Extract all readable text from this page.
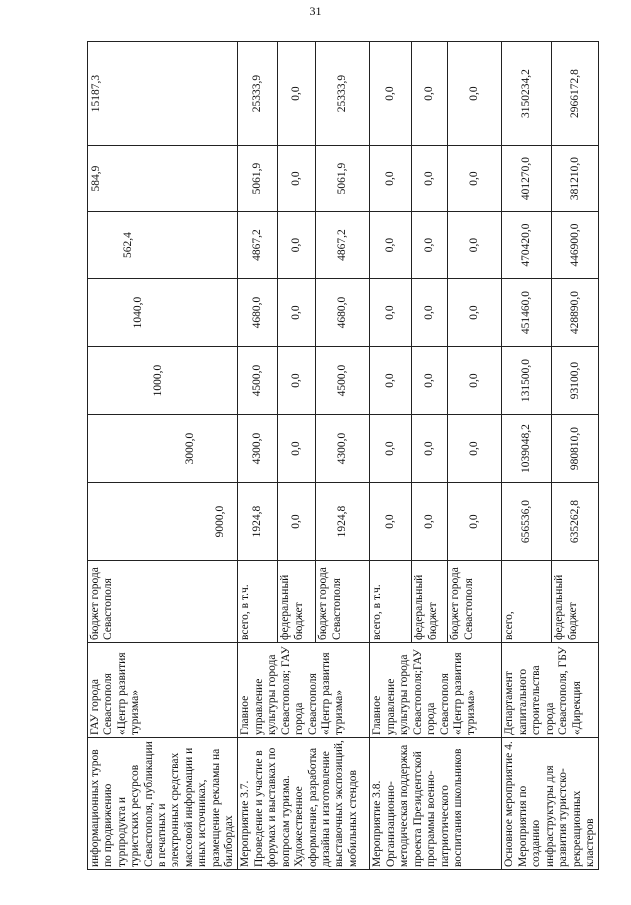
31
информационных туров по продвижению турпродукта и туристских ресурсов Севастополя, публикации в печатных и электронных средствах массовой информации и иных источниках, размещение рекламы на билбордах	ГАУ города Севастополя «Центр развития туризма»	бюджет города Севастополя	9000,0	3000,0	1000,0	1040,0	562,4	584,9	15187,3
Мероприятие 3.7. Проведение и участие в форумах и выставках по вопросам туризма. Художественное оформление, разработка дизайна и изготовление выставочных экспозиций, мобильных стендов	Главное управление культуры города Севастополя; ГАУ города Севастополя «Центр развития туризма»	всего, в т.ч.	1924,8	4300,0	4500,0	4680,0	4867,2	5061,9	25333,9
		федеральный бюджет	0,0	0,0	0,0	0,0	0,0	0,0	0,0
		бюджет города Севастополя	1924,8	4300,0	4500,0	4680,0	4867,2	5061,9	25333,9
Мероприятие 3.8. Организационно-методическая поддержка проекта Президентской программы военно-патриотического воспитания школьников	Главное управление культуры города Севастополя;ГАУ города Севастополя «Центр развития туризма»	всего, в т.ч.	0,0	0,0	0,0	0,0	0,0	0,0	0,0
		федеральный бюджет	0,0	0,0	0,0	0,0	0,0	0,0	0,0
		бюджет города Севастополя	0,0	0,0	0,0	0,0	0,0	0,0	0,0
Основное мероприятие 4. Мероприятия по созданию инфраструктуры для развития туристско-рекреационных кластеров	Департамент капитального строительства города Севастополя, ГБУ «Дирекция	всего,	656536,0	1039048,2	131500,0	451460,0	470420,0	401270,0	3150234,2
		федеральный бюджет	635262,8	980810,0	93100,0	428890,0	446900,0	381210,0	2966172,8
